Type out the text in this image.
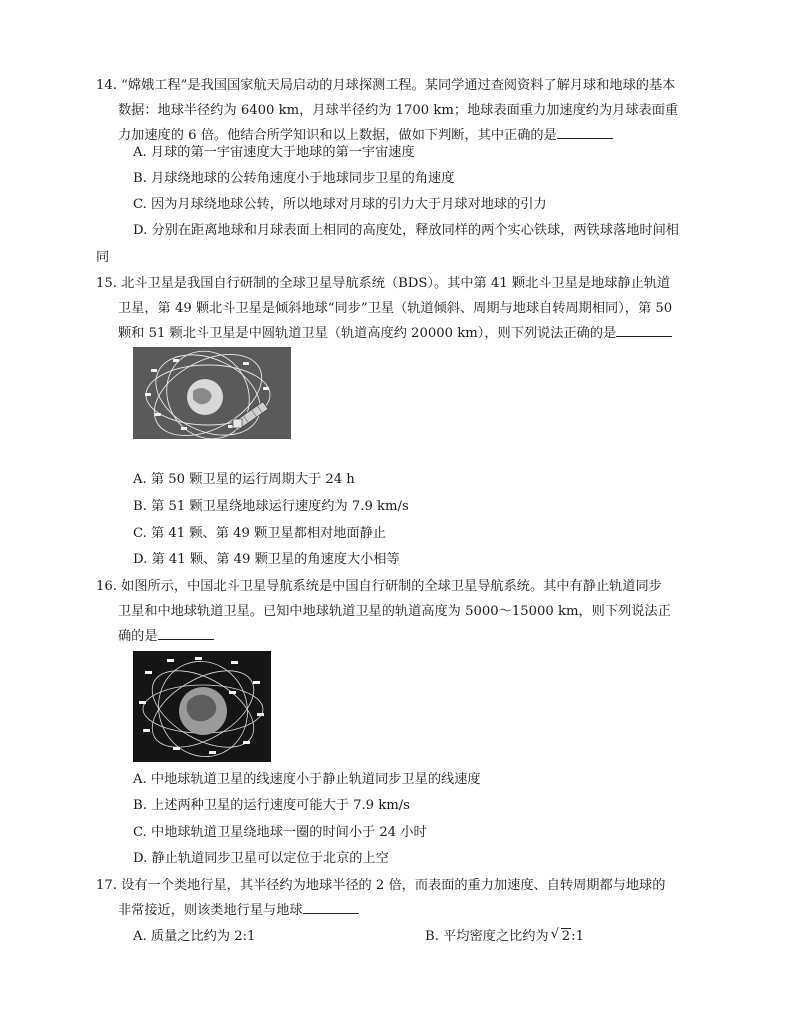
14. “嫦娥工程”是我国国家航天局启动的月球探测工程。某同学通过查阅资料了解月球和地球的基本
数据：地球半径约为 6400 km，月球半径约为 1700 km；地球表面重力加速度约为月球表面重
力加速度的 6 倍。他结合所学知识和以上数据，做如下判断，其中正确的是
A. 月球的第一宇宙速度大于地球的第一宇宙速度
B. 月球绕地球的公转角速度小于地球同步卫星的角速度
C. 因为月球绕地球公转，所以地球对月球的引力大于月球对地球的引力
D. 分别在距离地球和月球表面上相同的高度处，释放同样的两个实心铁球，两铁球落地时间相
同
15. 北斗卫星是我国自行研制的全球卫星导航系统（BDS）。其中第 41 颗北斗卫星是地球静止轨道
卫星，第 49 颗北斗卫星是倾斜地球“同步”卫星（轨道倾斜、周期与地球自转周期相同），第 50
颗和 51 颗北斗卫星是中圆轨道卫星（轨道高度约 20000 km），则下列说法正确的是
A. 第 50 颗卫星的运行周期大于 24 h
B. 第 51 颗卫星绕地球运行速度约为 7.9 km/s
C. 第 41 颗、第 49 颗卫星都相对地面静止
D. 第 41 颗、第 49 颗卫星的角速度大小相等
16. 如图所示，中国北斗卫星导航系统是中国自行研制的全球卫星导航系统。其中有静止轨道同步
卫星和中地球轨道卫星。已知中地球轨道卫星的轨道高度为 5000～15000 km，则下列说法正
确的是
A. 中地球轨道卫星的线速度小于静止轨道同步卫星的线速度
B. 上述两种卫星的运行速度可能大于 7.9 km/s
C. 中地球轨道卫星绕地球一圈的时间小于 24 小时
D. 静止轨道同步卫星可以定位于北京的上空
17. 设有一个类地行星，其半径约为地球半径的 2 倍，而表面的重力加速度、自转周期都与地球的
非常接近，则该类地行星与地球
A. 质量之比约为 2:1	B. 平均密度之比约为 √ 2:1
